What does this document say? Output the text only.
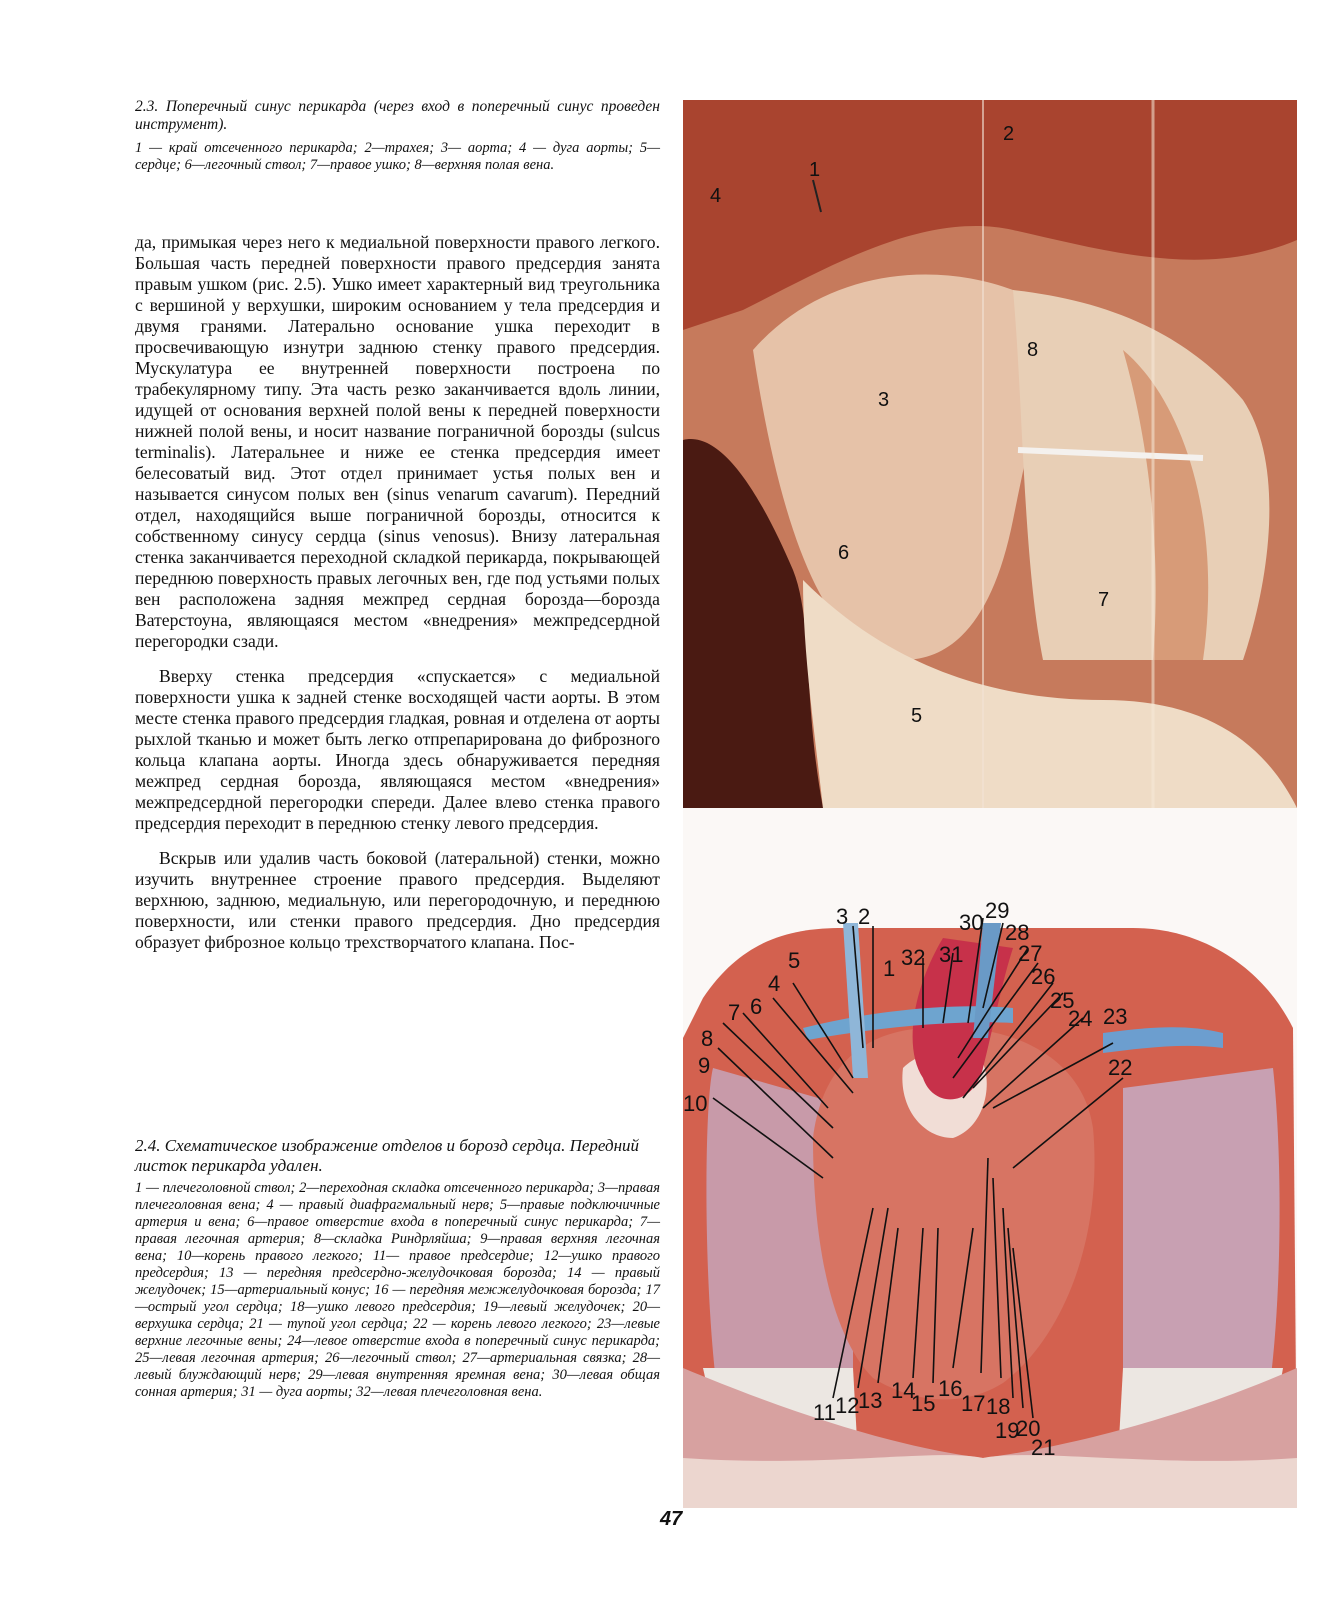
2.3. Поперечный синус перикарда (через вход в поперечный синус проведен инструмент).
1 — край отсеченного перикарда; 2—трахея; 3— аорта; 4 — дуга аорты; 5—сердце; 6—легочный ствол; 7—правое ушко; 8—верхняя полая вена.

да, примыкая через него к медиальной поверхности правого легкого. Большая часть передней поверхности правого предсердия занята правым ушком (рис. 2.5). Ушко имеет характерный вид треугольника с вершиной у верхушки, широким основанием у тела предсердия и двумя гранями. Латерально основание ушка переходит в просвечивающую изнутри заднюю стенку правого предсердия. Мускулатура ее внутренней поверхности построена по трабекулярному типу. Эта часть резко заканчивается вдоль линии, идущей от основания верхней полой вены к передней поверхности нижней полой вены, и носит название пограничной борозды (sulcus terminalis). Латеральнее и ниже ее стенка предсердия имеет белесоватый вид. Этот отдел принимает устья полых вен и называется синусом полых вен (sinus venarum cavarum). Передний отдел, находящийся выше пограничной борозды, относится к собственному синусу сердца (sinus venosus). Внизу латеральная стенка заканчивается переходной складкой перикарда, покрывающей переднюю поверхность правых легочных вен, где под устьями полых вен расположена задняя межпред сердная борозда—борозда Ватерстоуна, являющаяся местом «внедрения» межпредсердной перегородки сзади.

Вверху стенка предсердия «спускается» с медиальной поверхности ушка к задней стенке восходящей части аорты. В этом месте стенка правого предсердия гладкая, ровная и отделена от аорты рыхлой тканью и может быть легко отпрепарирована до фиброзного кольца клапана аорты. Иногда здесь обнаруживается передняя межпред сердная борозда, являющаяся местом «внедрения» межпредсердной перегородки спереди. Далее влево стенка правого предсердия переходит в переднюю стенку левого предсердия.

Вскрыв или удалив часть боковой (латеральной) стенки, можно изучить внутреннее строение правого предсердия. Выделяют верхнюю, заднюю, медиальную, или перегородочную, и переднюю поверхности, или стенки правого предсердия. Дно предсердия образует фиброзное кольцо трехстворчатого клапана. Пос-

2.4. Схематическое изображение отделов и борозд сердца. Передний листок перикарда удален.
1 — плечеголовной ствол; 2—переходная складка отсеченного перикарда; 3—правая плечеголовная вена; 4 — правый диафрагмальный нерв; 5—правые подключичные артерия и вена; 6—правое отверстие входа в поперечный синус перикарда; 7—правая легочная артерия; 8—складка Риндрляйша; 9—правая верхняя легочная вена; 10—корень правого легкого; 11— правое предсердие; 12—ушко правого предсердия; 13 — передняя предсердно-желудочковая борозда; 14 — правый желудочек; 15—артериальный конус; 16 — передняя межжелудочковая борозда; 17—острый угол сердца; 18—ушко левого предсердия; 19—левый желудочек; 20—верхушка сердца; 21 — тупой угол сердца; 22 — корень левого легкого; 23—левые верхние легочные вены; 24—левое отверстие входа в поперечный синус перикарда; 25—левая легочная артерия; 26—легочный ствол; 27—артериальная связка; 28—левый блуждающий нерв; 29—левая внутренняя яремная вена; 30—левая общая сонная артерия; 31 — дуга аорты; 32—левая плечеголовная вена.
1
2
3
4
5
6
7
8
1
2
3
4
5
6
7
8
9
10
11 12
13 14
15
16
17 18
19
20
21
22
23
24
25
26
27
28
29
30
31
32
47
